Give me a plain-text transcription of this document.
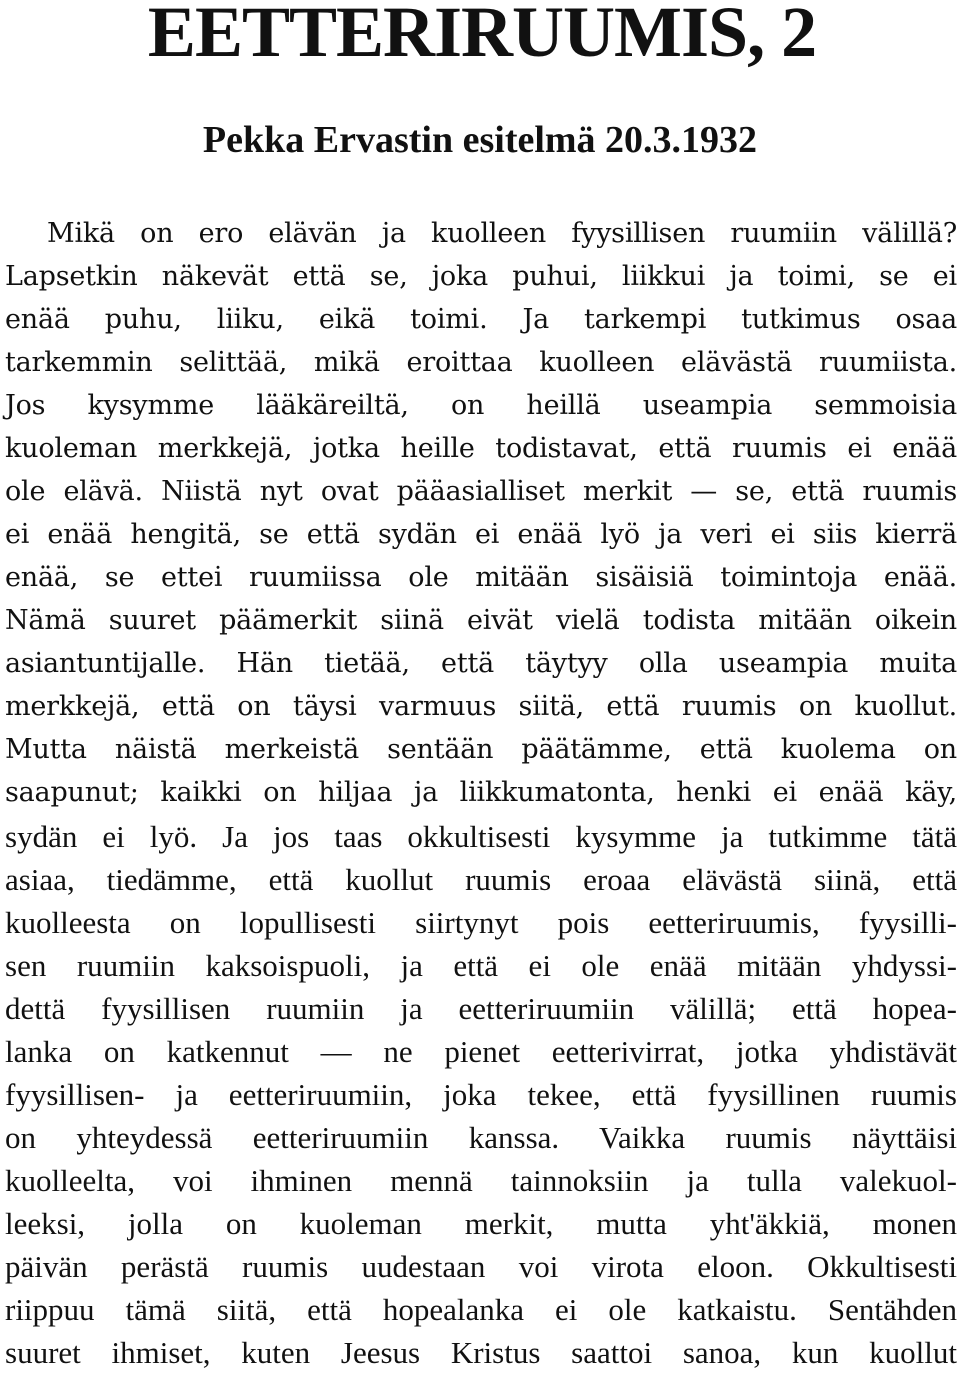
EETTERIRUUMIS, 2
Pekka Ervastin esitelmä 20.3.1932
Mikä on ero elävän ja kuolleen fyysillisen ruumiin välillä?
Lapsetkin näkevät että se, joka puhui, liikkui ja toimi, se ei
enää puhu, liiku, eikä toimi. Ja tarkempi tutkimus osaa
tarkemmin selittää, mikä eroittaa kuolleen elävästä ruumiista.
Jos kysymme lääkäreiltä, on heillä useampia semmoisia
kuoleman merkkejä, jotka heille todistavat, että ruumis ei enää
ole elävä. Niistä nyt ovat pääasialliset merkit — se, että ruumis
ei enää hengitä, se että sydän ei enää lyö ja veri ei siis kierrä
enää, se ettei ruumiissa ole mitään sisäisiä toimintoja enää.
Nämä suuret päämerkit siinä eivät vielä todista mitään oikein
asiantuntijalle. Hän tietää, että täytyy olla useampia muita
merkkejä, että on täysi varmuus siitä, että ruumis on kuollut.
Mutta näistä merkeistä sentään päätämme, että kuolema on
saapunut; kaikki on hiljaa ja liikkumatonta, henki ei enää käy,
sydän ei lyö. Ja jos taas okkultisesti kysymme ja tutkimme tätä
asiaa, tiedämme, että kuollut ruumis eroaa elävästä siinä, että
kuolleesta on lopullisesti siirtynyt pois eetteriruumis, fyysilli-
sen ruumiin kaksoispuoli, ja että ei ole enää mitään yhdyssi-
dettä fyysillisen ruumiin ja eetteriruumiin välillä; että hopea-
lanka on katkennut — ne pienet eetterivirrat, jotka yhdistävät
fyysillisen- ja eetteriruumiin, joka tekee, että fyysillinen ruumis
on yhteydessä eetteriruumiin kanssa. Vaikka ruumis näyttäisi
kuolleelta, voi ihminen mennä tainnoksiin ja tulla valekuol-
leeksi, jolla on kuoleman merkit, mutta yht'äkkiä, monen
päivän perästä ruumis uudestaan voi virota eloon. Okkultisesti
riippuu tämä siitä, että hopealanka ei ole katkaistu. Sentähden
suuret ihmiset, kuten Jeesus Kristus saattoi sanoa, kun kuollut
